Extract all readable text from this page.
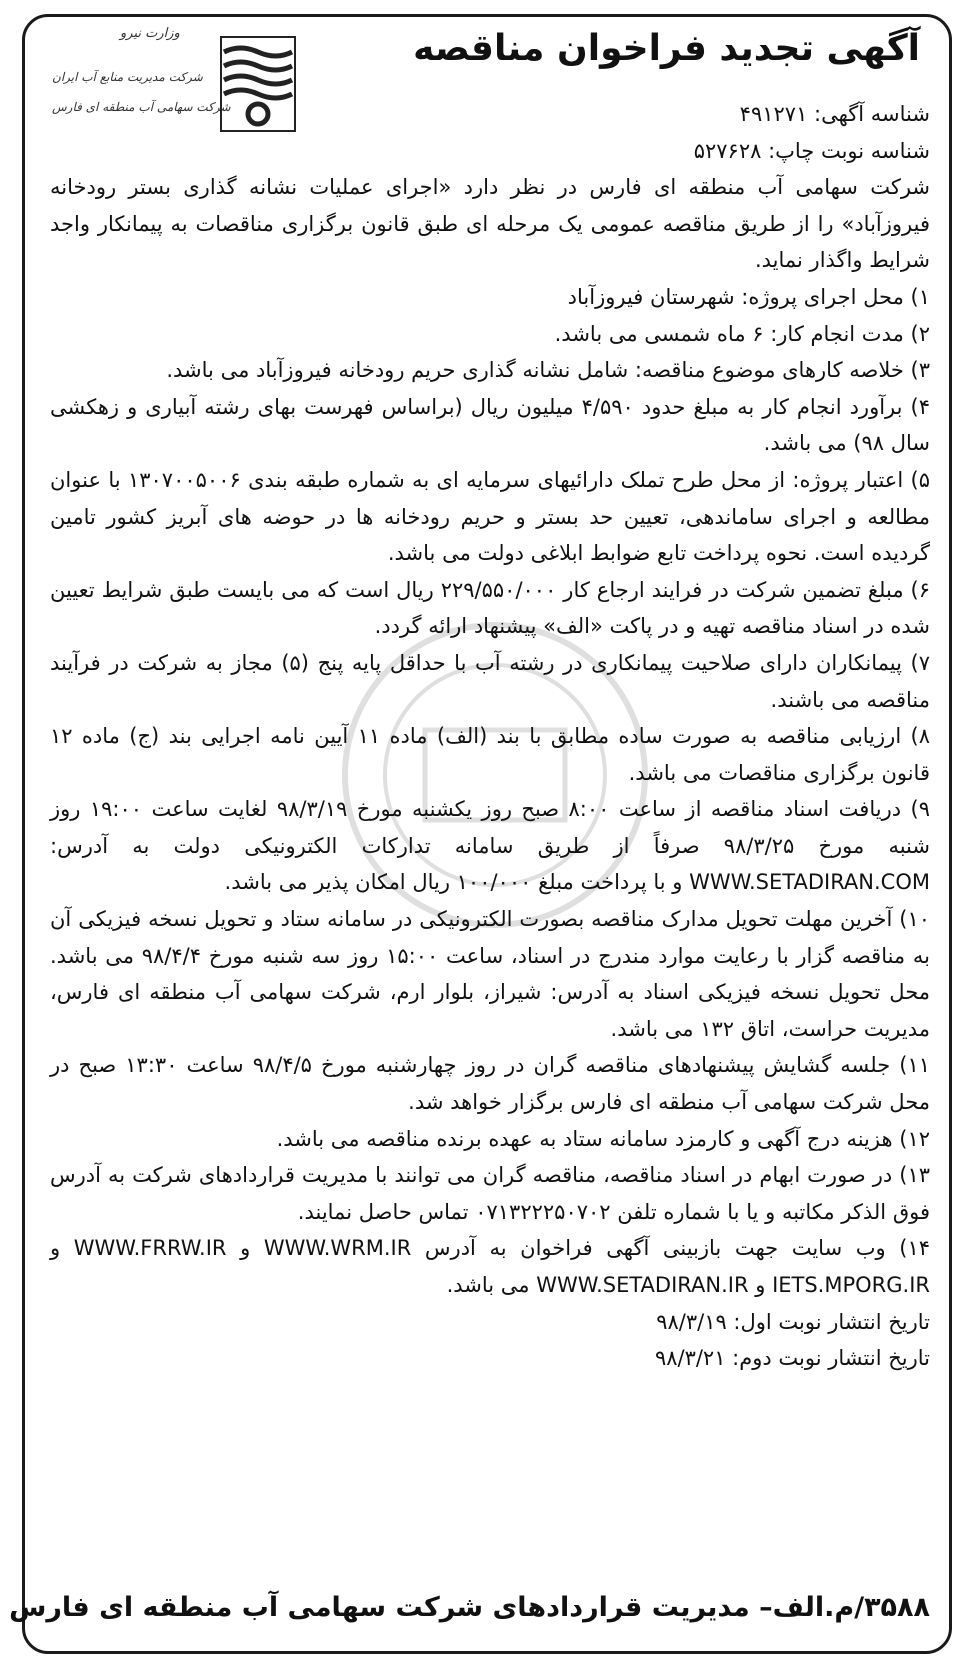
وزارت نیرو
شرکت مدیریت منابع آب ایران
شرکت سهامی آب منطقه ای فارس
آگهی تجدید فراخوان مناقصه

شناسه آگهی: ۴۹۱۲۷۱

شناسه نوبت چاپ: ۵۲۷۶۲۸

شرکت سهامی آب منطقه ای فارس در نظر دارد «اجرای عملیات نشانه گذاری بستر رودخانه فیروزآباد» را از طریق مناقصه عمومی یک مرحله ای طبق قانون برگزاری مناقصات به پیمانکار واجد شرایط واگذار نماید.

۱) محل اجرای پروژه: شهرستان فیروزآباد

۲) مدت انجام کار: ۶ ماه شمسی می باشد.

۳) خلاصه کارهای موضوع مناقصه: شامل نشانه گذاری حریم رودخانه فیروزآباد می باشد.

۴) برآورد انجام کار به مبلغ حدود ۴/۵۹۰ میلیون ریال (براساس فهرست بهای رشته آبیاری و زهکشی سال ۹۸) می باشد.

۵) اعتبار پروژه: از محل طرح تملک دارائیهای سرمایه ای به شماره طبقه بندی ۱۳۰۷۰۰۵۰۰۶ با عنوان مطالعه و اجرای ساماندهی، تعیین حد بستر و حریم رودخانه ها در حوضه های آبریز کشور تامین گردیده است. نحوه پرداخت تابع ضوابط ابلاغی دولت می باشد.

۶) مبلغ تضمین شرکت در فرایند ارجاع کار ۲۲۹/۵۵۰/۰۰۰ ریال است که می بایست طبق شرایط تعیین شده در اسناد مناقصه تهیه و در پاکت «الف» پیشنهاد ارائه گردد.

۷) پیمانکاران دارای صلاحیت پیمانکاری در رشته آب با حداقل پایه پنج (۵) مجاز به شرکت در فرآیند مناقصه می باشند.

۸) ارزیابی مناقصه به صورت ساده مطابق با بند (الف) ماده ۱۱ آیین نامه اجرایی بند (ج) ماده ۱۲ قانون برگزاری مناقصات می باشد.

۹) دریافت اسناد مناقصه از ساعت ۸:۰۰ صبح روز یکشنبه مورخ ۹۸/۳/۱۹ لغایت ساعت ۱۹:۰۰ روز شنبه مورخ ۹۸/۳/۲۵ صرفاً از طریق سامانه تدارکات الکترونیکی دولت به آدرس: WWW.SETADIRAN.COM و با پرداخت مبلغ ۱۰۰/۰۰۰ ریال امکان پذیر می باشد.

۱۰) آخرین مهلت تحویل مدارک مناقصه بصورت الکترونیکی در سامانه ستاد و تحویل نسخه فیزیکی آن به مناقصه گزار با رعایت موارد مندرج در اسناد، ساعت ۱۵:۰۰ روز سه شنبه مورخ ۹۸/۴/۴ می باشد. محل تحویل نسخه فیزیکی اسناد به آدرس: شیراز، بلوار ارم، شرکت سهامی آب منطقه ای فارس، مدیریت حراست، اتاق ۱۳۲ می باشد.

۱۱) جلسه گشایش پیشنهادهای مناقصه گران در روز چهارشنبه مورخ ۹۸/۴/۵ ساعت ۱۳:۳۰ صبح در محل شرکت سهامی آب منطقه ای فارس برگزار خواهد شد.

۱۲) هزینه درج آگهی و کارمزد سامانه ستاد به عهده برنده مناقصه می باشد.

۱۳) در صورت ابهام در اسناد مناقصه، مناقصه گران می توانند با مدیریت قراردادهای شرکت به آدرس فوق الذکر مکاتبه و یا با شماره تلفن ۰۷۱۳۲۲۲۵۰۷۰۲ تماس حاصل نمایند.

۱۴) وب سایت جهت بازبینی آگهی فراخوان به آدرس WWW.WRM.IR و WWW.FRRW.IR و IETS.MPORG.IR و WWW.SETADIRAN.IR می باشد.

تاریخ انتشار نوبت اول: ۹۸/۳/۱۹

تاریخ انتشار نوبت دوم: ۹۸/۳/۲۱

۳۵۸۸/م.الف– مدیریت قراردادهای شرکت سهامی آب منطقه ای فارس
